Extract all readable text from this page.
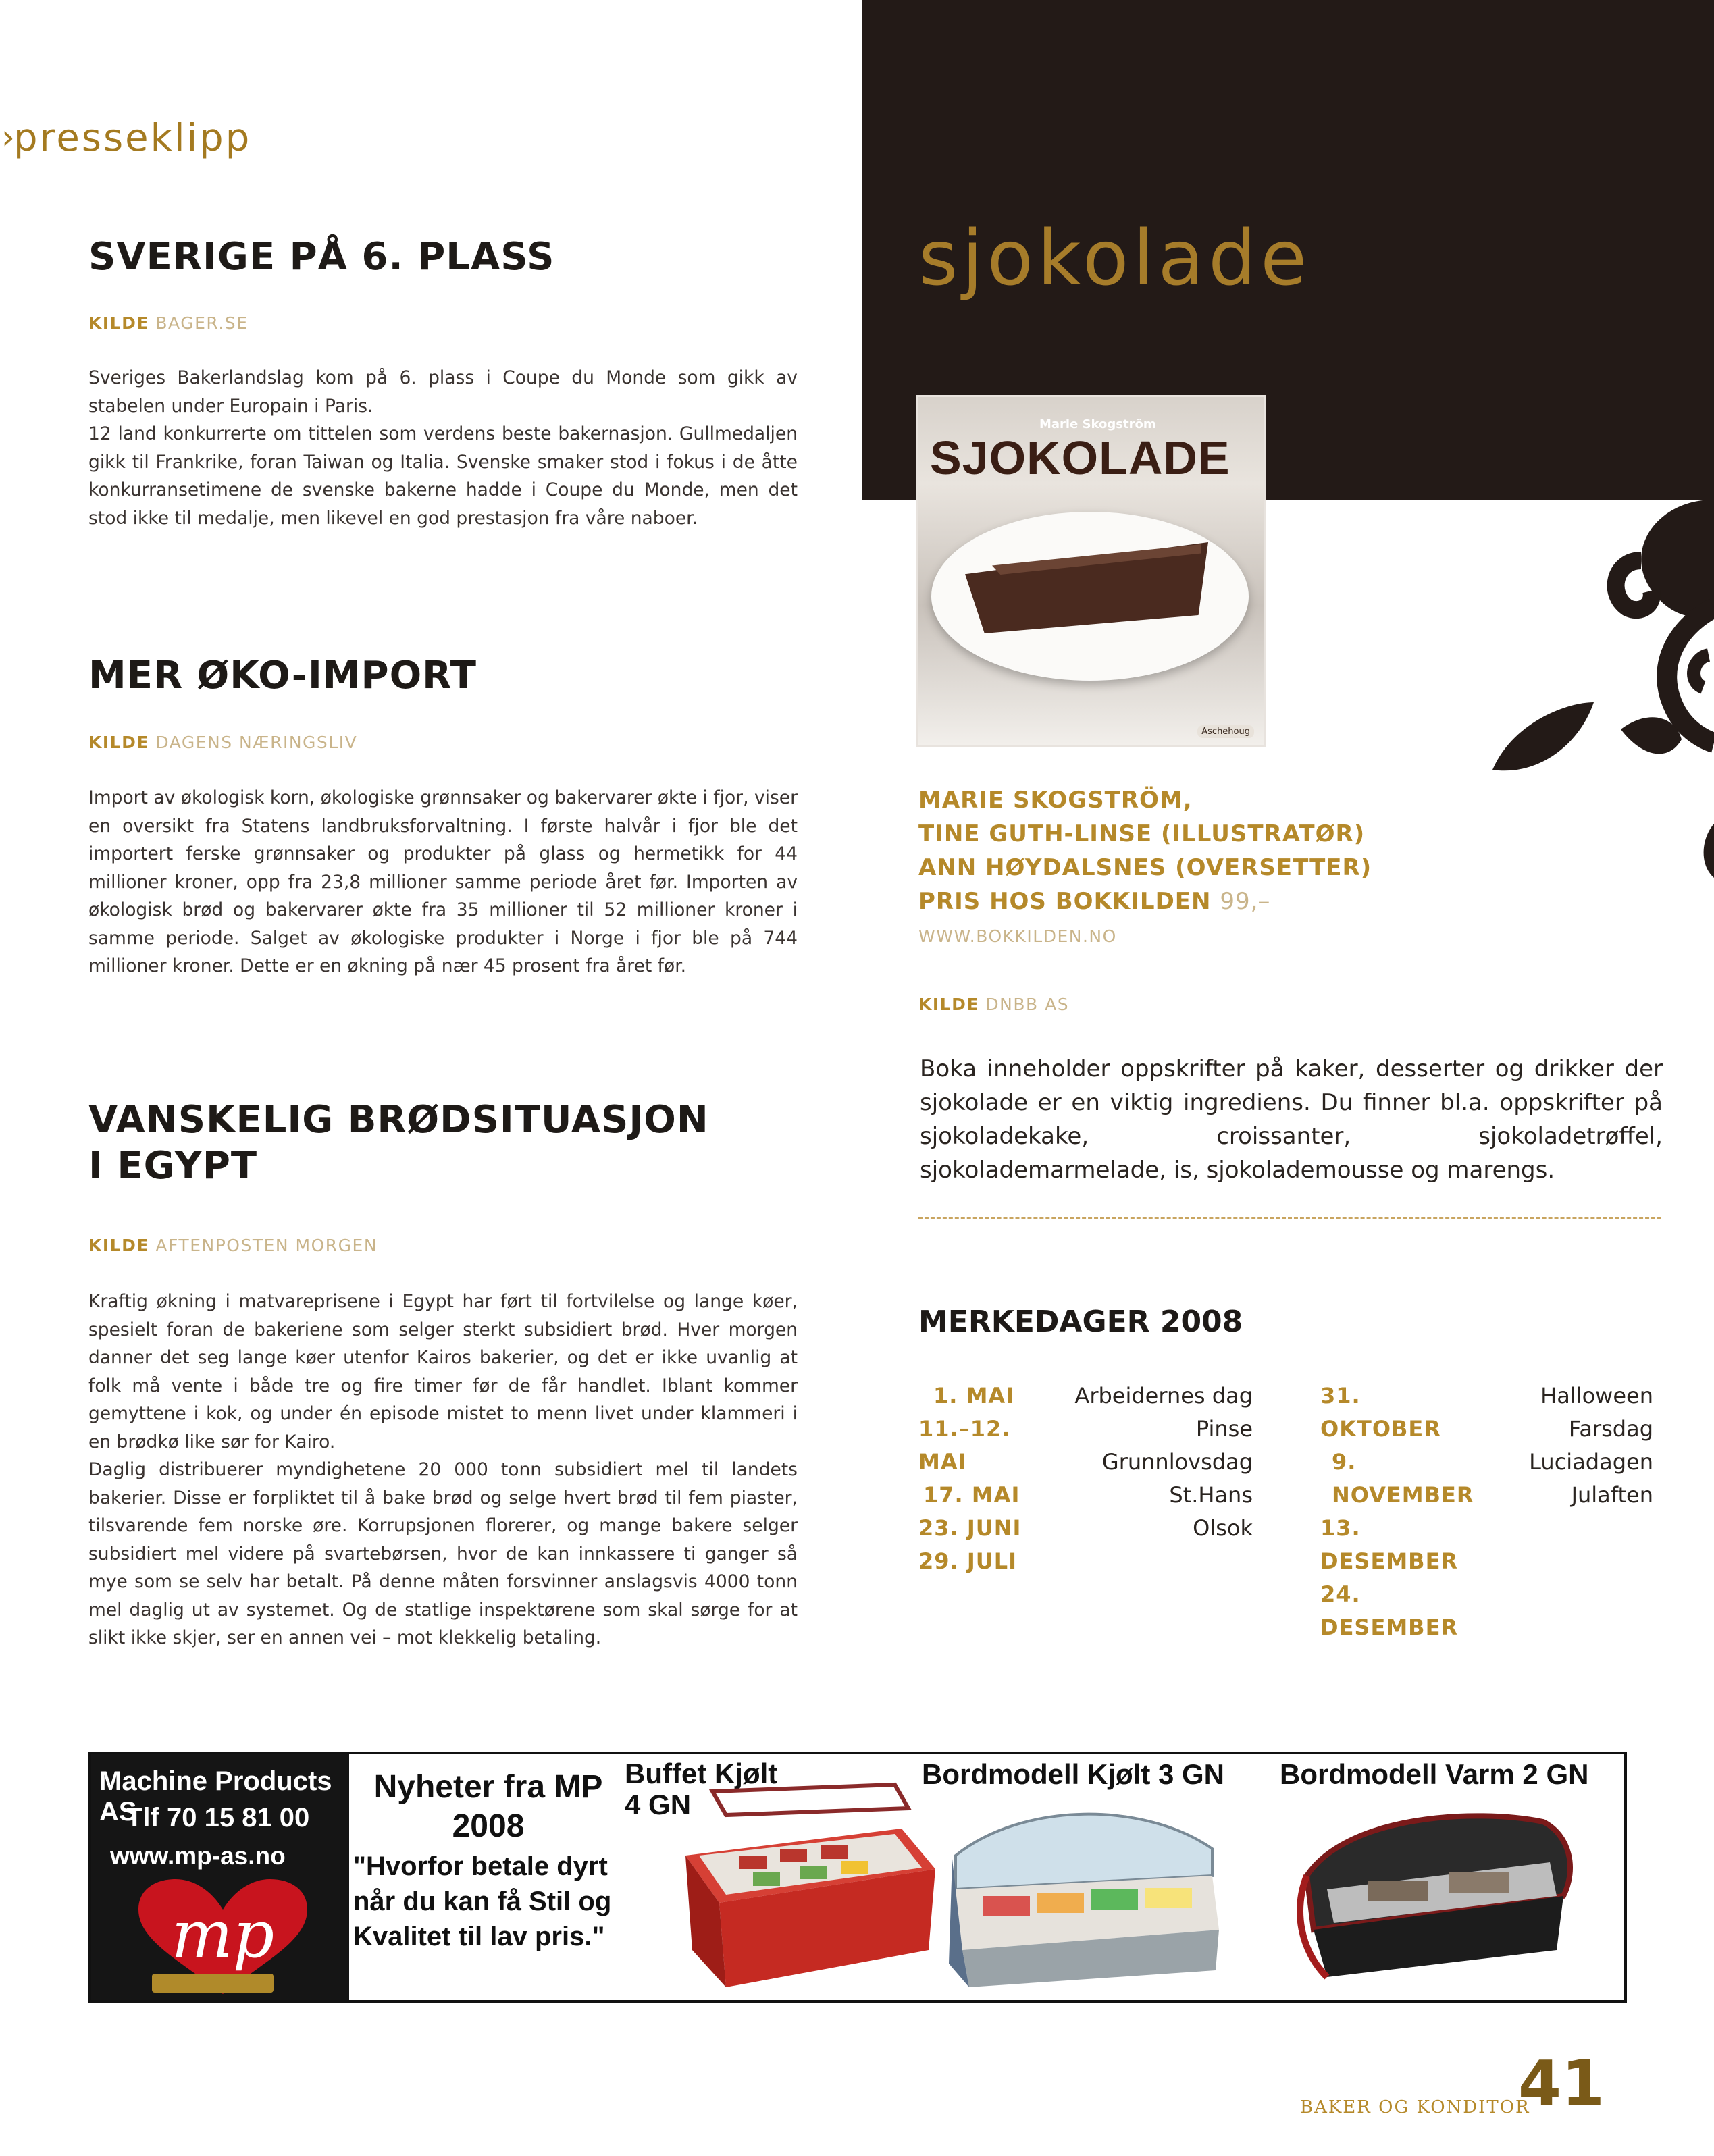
›
presseklipp
SVERIGE PÅ 6. PLASS
KILDE BAGER.SE

Sveriges Bakerlandslag kom på 6. plass i Coupe du Monde som gikk av stabelen under Europain i Paris.

12 land konkurrerte om tittelen som verdens beste bakernasjon. Gullmedaljen gikk til Frankrike, foran Taiwan og Italia. Svenske smaker stod i fokus i de åtte konkurransetimene de svenske bakerne hadde i Coupe du Monde, men det stod ikke til medalje, men likevel en god prestasjon fra våre naboer.

MER ØKO-IMPORT
KILDE DAGENS NÆRINGSLIV

Import av økologisk korn, økologiske grønnsaker og bakervarer økte i fjor, viser en oversikt fra Statens landbruksforvaltning. I første halvår i fjor ble det importert ferske grønnsaker og produkter på glass og hermetikk for 44 millioner kroner, opp fra 23,8 millioner samme periode året før. Importen av økologisk brød og bakervarer økte fra 35 millioner til 52 millioner kroner i samme periode. Salget av økologiske produkter i Norge i fjor ble på 744 millioner kroner. Dette er en økning på nær 45 prosent fra året før.

VANSKELIG BRØDSITUASJON
I EGYPT
KILDE AFTENPOSTEN MORGEN

Kraftig økning i matvareprisene i Egypt har ført til fortvilelse og lange køer, spesielt foran de bakeriene som selger sterkt subsidiert brød. Hver morgen danner det seg lange køer utenfor Kairos bakerier, og det er ikke uvanlig at folk må vente i både tre og fire timer før de får handlet. Iblant kommer gemyttene i kok, og under én episode mistet to menn livet under klammeri i en brødkø like sør for Kairo.

Daglig distribuerer myndighetene 20 000 tonn subsidiert mel til landets bakerier. Disse er forpliktet til å bake brød og selge hvert brød til fem piaster, tilsvarende fem norske øre. Korrupsjonen florerer, og mange bakere selger subsidiert mel videre på svartebørsen, hvor de kan innkassere ti ganger så mye som se selv har betalt. På denne måten forsvinner anslagsvis 4000 tonn mel daglig ut av systemet. Og de statlige inspektørene som skal sørge for at slikt ikke skjer, ser en annen vei – mot klekkelig betaling.

sjokolade
Marie Skogström
SJOKOLADE
Aschehoug
MARIE SKOGSTRÖM,
TINE GUTH-LINSE (ILLUSTRATØR)
ANN HØYDALSNES (OVERSETTER)
PRIS HOS BOKKILDEN 99,–
WWW.BOKKILDEN.NO
KILDE DNBB AS
Boka inneholder oppskrifter på kaker, desserter og drikker der sjokolade er en viktig ingrediens. Du finner bl.a. oppskrifter på sjokoladekake, croissanter, sjokoladetrøffel, sjokolademarmelade, is, sjokolademousse og marengs.
MERKEDAGER 2008
1. MAI
11.–12. MAI
17. MAI
23. JUNI
29. JULI
Arbeidernes dag
Pinse
Grunnlovsdag
St.Hans
Olsok
31. OKTOBER
9. NOVEMBER
13. DESEMBER
24. DESEMBER
Halloween
Farsdag
Luciadagen
Julaften
Machine Products AS
Tlf 70 15 81 00
www.mp-as.no
mp
Nyheter fra MP
2008
"Hvorfor betale dyrt
når du kan få Stil og
Kvalitet til lav pris."
Buffet Kjølt
4 GN
Bordmodell Kjølt 3 GN Bordmodell Varm 2 GN
BAKER OG KONDITOR
41
